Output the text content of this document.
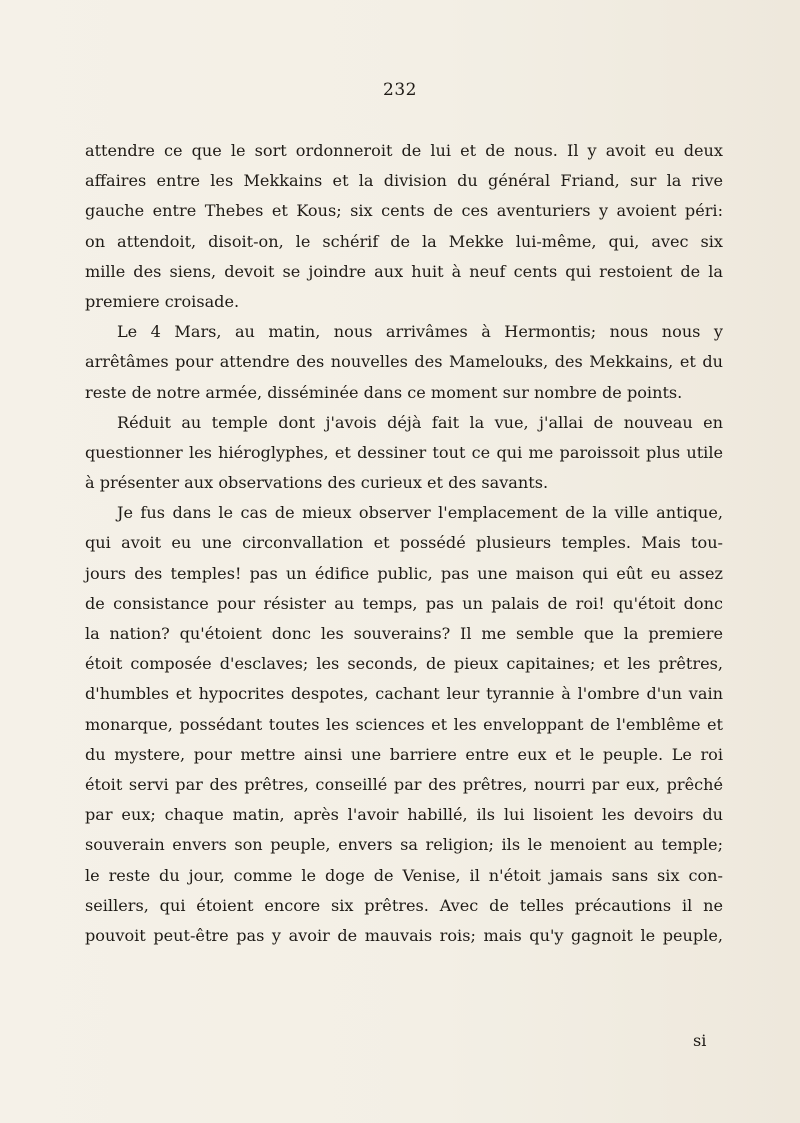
232
attendre ce que le sort ordonneroit de lui et de nous. Il y avoit eu deux
affaires entre les Mekkains et la division du général Friand, sur la rive
gauche entre Thebes et Kous; six cents de ces aventuriers y avoient péri:
on attendoit, disoit-on, le schérif de la Mekke lui-même, qui, avec six
mille des siens, devoit se joindre aux huit à neuf cents qui restoient de la
premiere croisade.
Le 4 Mars, au matin, nous arrivâmes à Hermontis; nous nous y
arrêtâmes pour attendre des nouvelles des Mamelouks, des Mekkains, et du
reste de notre armée, disséminée dans ce moment sur nombre de points.
Réduit au temple dont j'avois déjà fait la vue, j'allai de nouveau en
questionner les hiéroglyphes, et dessiner tout ce qui me paroissoit plus utile
à présenter aux observations des curieux et des savants.
Je fus dans le cas de mieux observer l'emplacement de la ville antique,
qui avoit eu une circonvallation et possédé plusieurs temples. Mais tou-
jours des temples! pas un édifice public, pas une maison qui eût eu assez
de consistance pour résister au temps, pas un palais de roi! qu'étoit donc
la nation? qu'étoient donc les souverains? Il me semble que la premiere
étoit composée d'esclaves; les seconds, de pieux capitaines; et les prêtres,
d'humbles et hypocrites despotes, cachant leur tyrannie à l'ombre d'un vain
monarque, possédant toutes les sciences et les enveloppant de l'emblême et
du mystere, pour mettre ainsi une barriere entre eux et le peuple. Le roi
étoit servi par des prêtres, conseillé par des prêtres, nourri par eux, prêché
par eux; chaque matin, après l'avoir habillé, ils lui lisoient les devoirs du
souverain envers son peuple, envers sa religion; ils le menoient au temple;
le reste du jour, comme le doge de Venise, il n'étoit jamais sans six con-
seillers, qui étoient encore six prêtres. Avec de telles précautions il ne
pouvoit peut-être pas y avoir de mauvais rois; mais qu'y gagnoit le peuple,
si
